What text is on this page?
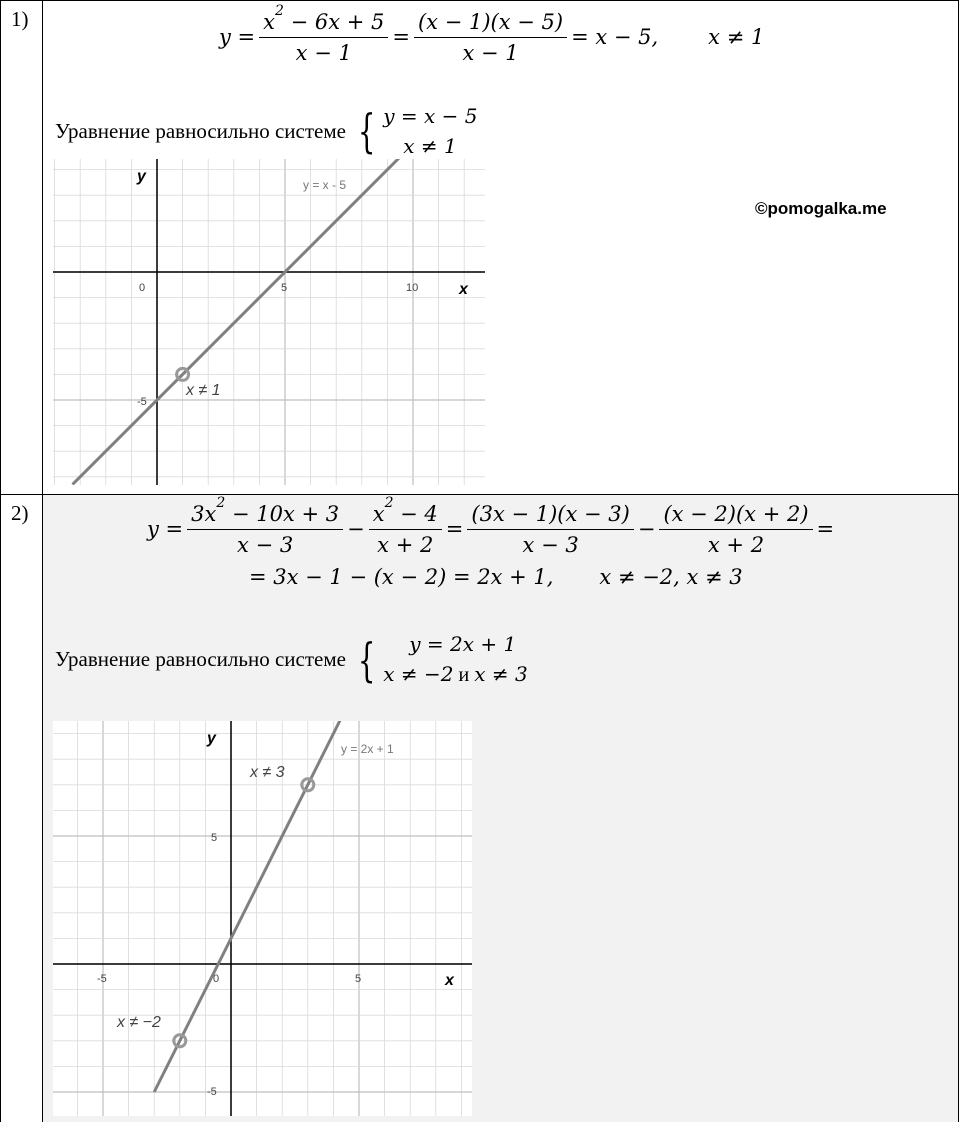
1)
$y = \frac{x^2 - 6x + 5}{x - 1} = \frac{(x - 1)(x - 5)}{x - 1} = x - 5$, x ≠ 1
Уравнение равносильно системе { y = x − 5
x ≠ 1
©pomogalka.me
y
x
y = x - 5
x ≠ 1
0	5	10
-5
2)
$y = \frac{3x^2 - 10x + 3}{x - 3} - \frac{x^2 - 4}{x + 2} = \frac{(3x - 1)(x - 3)}{x - 3} - \frac{(x - 2)(x + 2)}{x + 2}$ =
= 3x − 1 − (x − 2) = 2x + 1, x ≠ −2, x ≠ 3
Уравнение равносильно системе {	y = 2x + 1
x ≠ −2 и x ≠ 3
y
x
y = 2x + 1
x ≠ 3
x ≠ −2
-5	0	5
5
-5
